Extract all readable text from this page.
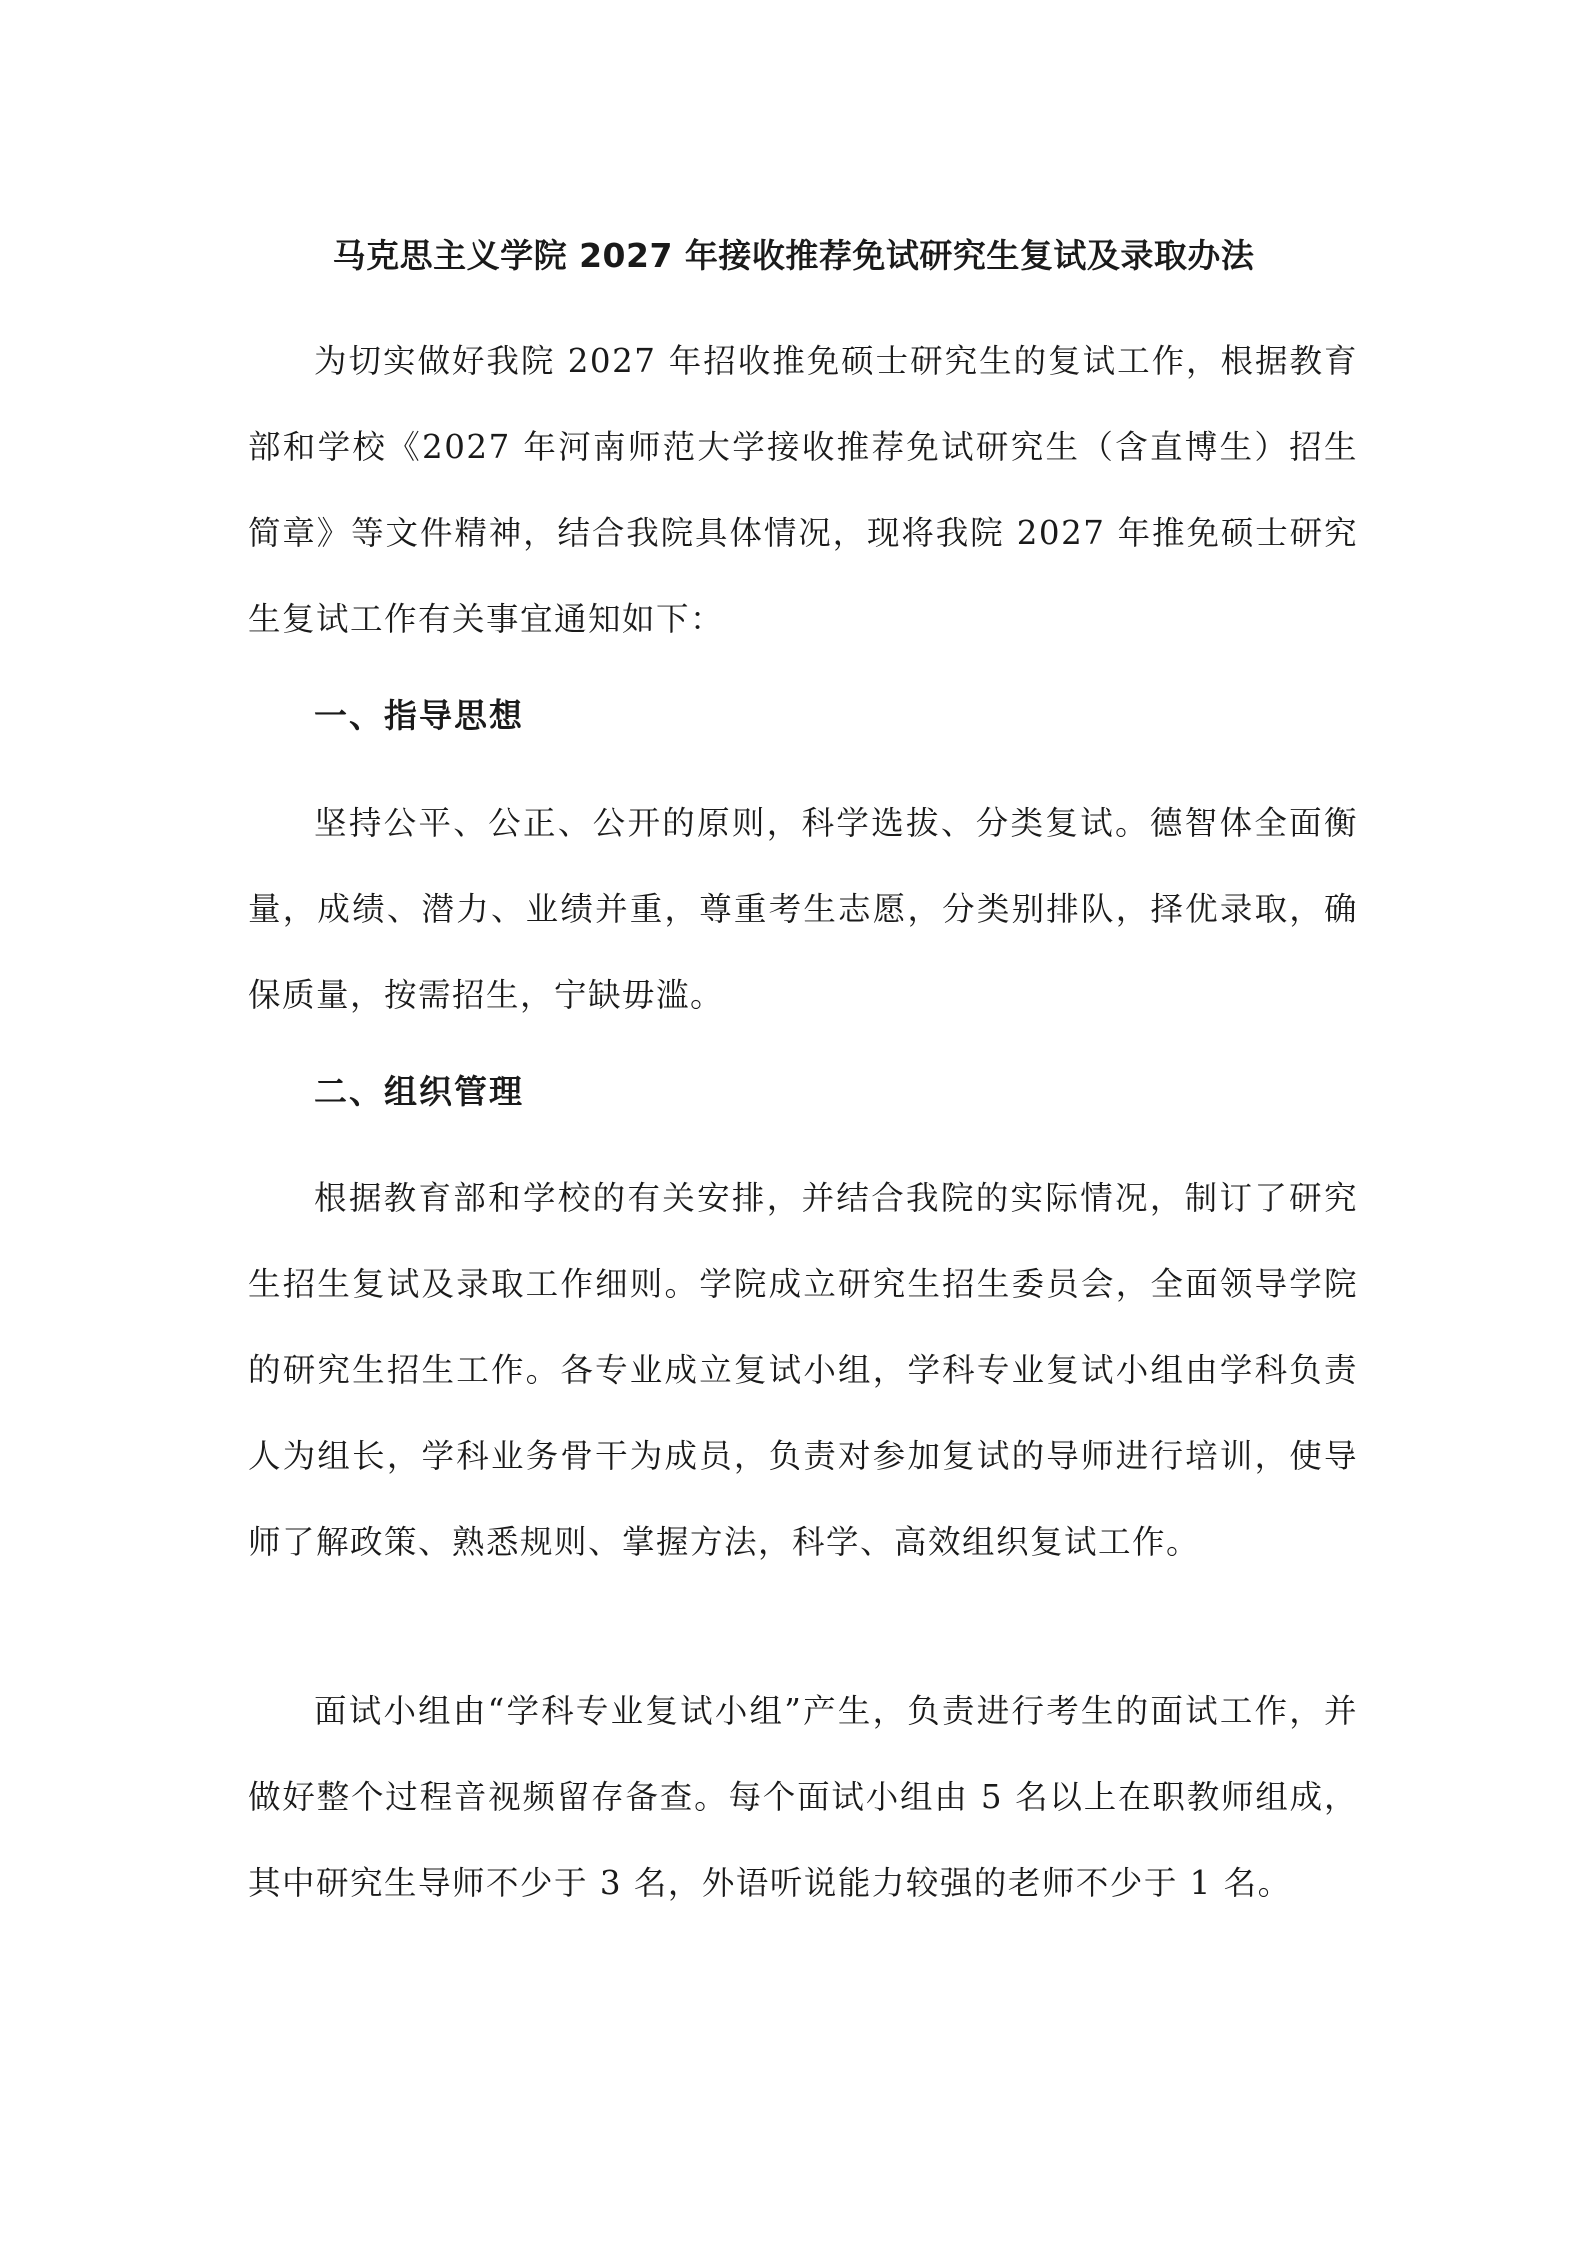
马克思主义学院 2027 年接收推荐免试研究生复试及录取办法

为切实做好我院 2027 年招收推免硕士研究生的复试工作，根据教育部和学校《2027 年河南师范大学接收推荐免试研究生（含直博生）招生简章》等文件精神，结合我院具体情况，现将我院 2027 年推免硕士研究生复试工作有关事宜通知如下：

一、指导思想

坚持公平、公正、公开的原则，科学选拔、分类复试。德智体全面衡量，成绩、潜力、业绩并重，尊重考生志愿，分类别排队，择优录取，确保质量，按需招生，宁缺毋滥。

二、组织管理

根据教育部和学校的有关安排，并结合我院的实际情况，制订了研究生招生复试及录取工作细则。学院成立研究生招生委员会，全面领导学院的研究生招生工作。各专业成立复试小组，学科专业复试小组由学科负责人为组长，学科业务骨干为成员，负责对参加复试的导师进行培训，使导师了解政策、熟悉规则、掌握方法，科学、高效组织复试工作。

面试小组由“学科专业复试小组”产生，负责进行考生的面试工作，并做好整个过程音视频留存备查。每个面试小组由 5 名以上在职教师组成，其中研究生导师不少于 3 名，外语听说能力较强的老师不少于 1 名。
